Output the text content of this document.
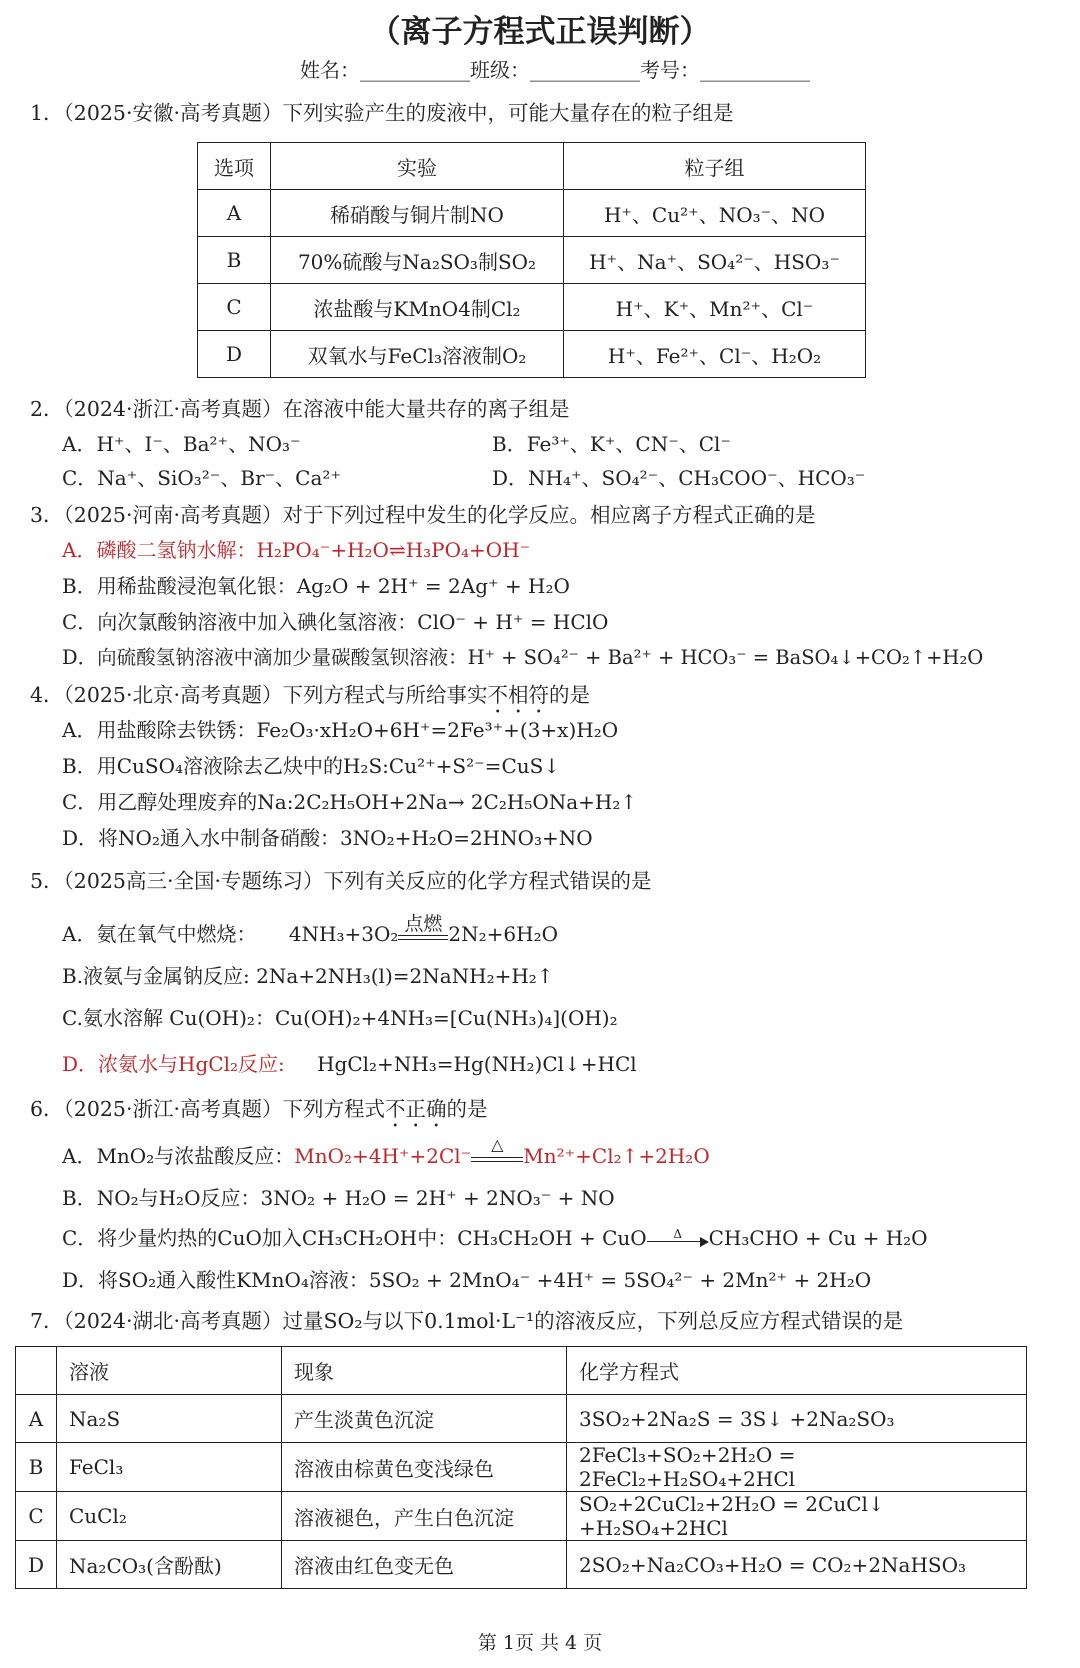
（离子方程式正误判断）
姓名：___________班级：___________考号：___________
1．（2025·安徽·高考真题）下列实验产生的废液中，可能大量存在的粒子组是
选项	实验	粒子组
A	稀硝酸与铜片制NO	H⁺、Cu²⁺、NO₃⁻、NO
B	70%硫酸与Na₂SO₃制SO₂	H⁺、Na⁺、SO₄²⁻、HSO₃⁻
C	浓盐酸与KMnO4制Cl₂	H⁺、K⁺、Mn²⁺、Cl⁻
D	双氧水与FeCl₃溶液制O₂	H⁺、Fe²⁺、Cl⁻、H₂O₂
2．（2024·浙江·高考真题）在溶液中能大量共存的离子组是
A．H⁺、I⁻、Ba²⁺、NO₃⁻	B．Fe³⁺、K⁺、CN⁻、Cl⁻
C．Na⁺、SiO₃²⁻、Br⁻、Ca²⁺	D．NH₄⁺、SO₄²⁻、CH₃COO⁻、HCO₃⁻
3．（2025·河南·高考真题）对于下列过程中发生的化学反应。相应离子方程式正确的是
A．磷酸二氢钠水解：H₂PO₄⁻+H₂O⇌H₃PO₄+OH⁻
B．用稀盐酸浸泡氧化银：Ag₂O + 2H⁺ = 2Ag⁺ + H₂O
C．向次氯酸钠溶液中加入碘化氢溶液：ClO⁻ + H⁺ = HClO
D．向硫酸氢钠溶液中滴加少量碳酸氢钡溶液：H⁺ + SO₄²⁻ + Ba²⁺ + HCO₃⁻ = BaSO₄↓+CO₂↑+H₂O
4．（2025·北京·高考真题）下列方程式与所给事实不相符的是
A．用盐酸除去铁锈：Fe₂O₃·xH₂O+6H⁺=2Fe³⁺+(3+x)H₂O
B．用CuSO₄溶液除去乙炔中的H₂S:Cu²⁺+S²⁻=CuS↓
C．用乙醇处理废弃的Na:2C₂H₅OH+2Na→ 2C₂H₅ONa+H₂↑
D．将NO₂通入水中制备硝酸：3NO₂+H₂O=2HNO₃+NO
5．（2025高三·全国·专题练习）下列有关反应的化学方程式错误的是
A．氨在氧气中燃烧： 4NH₃+3O₂ 点燃 2N₂+6H₂O
B.液氨与金属钠反应: 2Na+2NH₃(l)=2NaNH₂+H₂↑
C.氨水溶解 Cu(OH)₂：Cu(OH)₂+4NH₃=[Cu(NH₃)₄](OH)₂
D．浓氨水与HgCl₂反应: HgCl₂+NH₃=Hg(NH₂)Cl↓+HCl
6．（2025·浙江·高考真题）下列方程式不正确的是
A．MnO₂与浓盐酸反应：MnO₂+4H⁺+2Cl⁻	△ Mn²⁺+Cl₂↑+2H₂O
B．NO₂与H₂O反应：3NO₂ + H₂O = 2H⁺ + 2NO₃⁻ + NO
C．将少量灼热的CuO加入CH₃CH₂OH中：CH₃CH₂OH + CuO	Δ	CH₃CHO + Cu + H₂O
D．将SO₂通入酸性KMnO₄溶液：5SO₂ + 2MnO₄⁻ +4H⁺ = 5SO₄²⁻ + 2Mn²⁺ + 2H₂O
7．（2024·湖北·高考真题）过量SO₂与以下0.1mol·L⁻¹的溶液反应，下列总反应方程式错误的是
	溶液	现象	化学方程式
A	Na₂S	产生淡黄色沉淀	3SO₂+2Na₂S = 3S↓ +2Na₂SO₃
B	FeCl₃	溶液由棕黄色变浅绿色	2FeCl₃+SO₂+2H₂O = 2FeCl₂+H₂SO₄+2HCl
C	CuCl₂	溶液褪色，产生白色沉淀	SO₂+2CuCl₂+2H₂O = 2CuCl↓ +H₂SO₄+2HCl
D	Na₂CO₃(含酚酞)	溶液由红色变无色	2SO₂+Na₂CO₃+H₂O = CO₂+2NaHSO₃
第 1页 共 4 页
